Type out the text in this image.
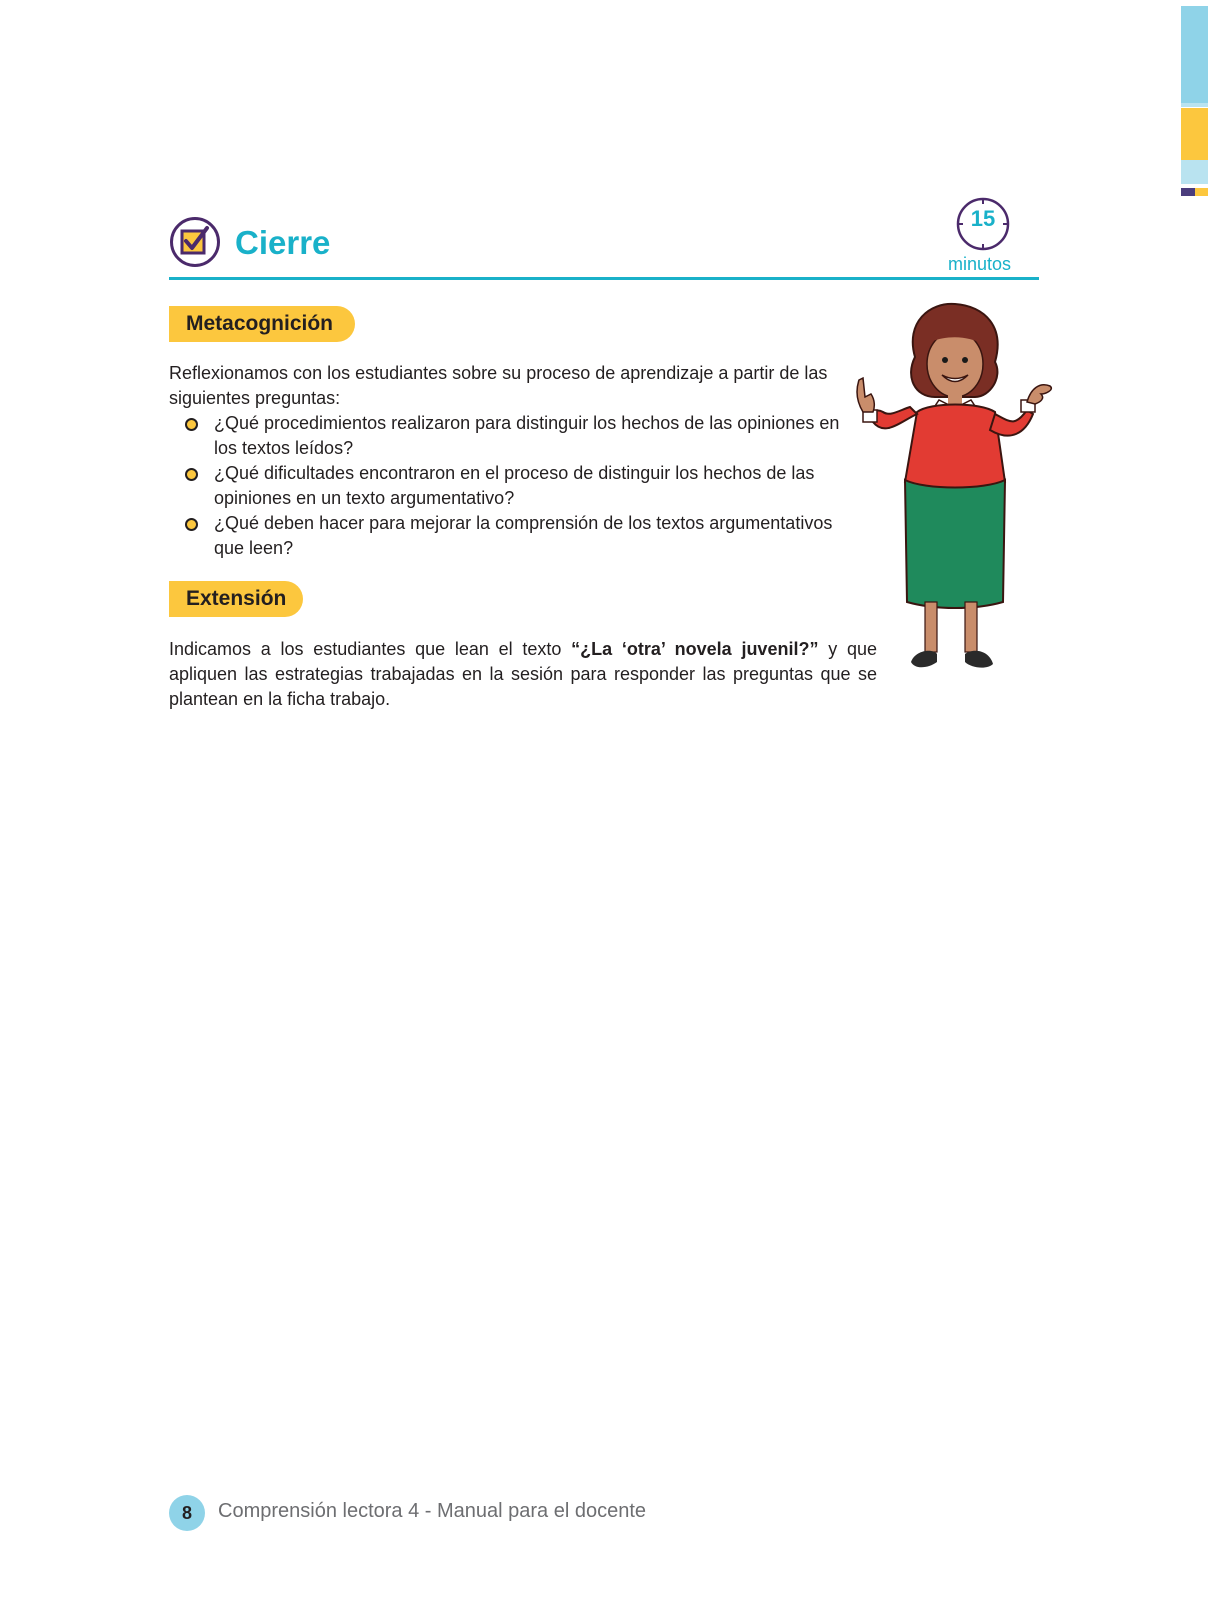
Cierre
15
minutos
Metacognición
Reflexionamos con los estudiantes sobre su proceso de aprendizaje a partir de las siguientes preguntas:
¿Qué procedimientos realizaron para distinguir los hechos de las opiniones en los textos leídos?
¿Qué dificultades encontraron en el proceso de distinguir los hechos de las opiniones en un texto argumentativo?
¿Qué deben hacer para mejorar la comprensión de los textos argumentativos que leen?
Extensión
Indicamos a los estudiantes que lean el texto “¿La ‘otra’ novela juvenil?” y que apliquen las estrategias trabajadas en la sesión para responder las preguntas que se plantean en la ficha trabajo.
8	Comprensión lectora 4 - Manual para el docente
